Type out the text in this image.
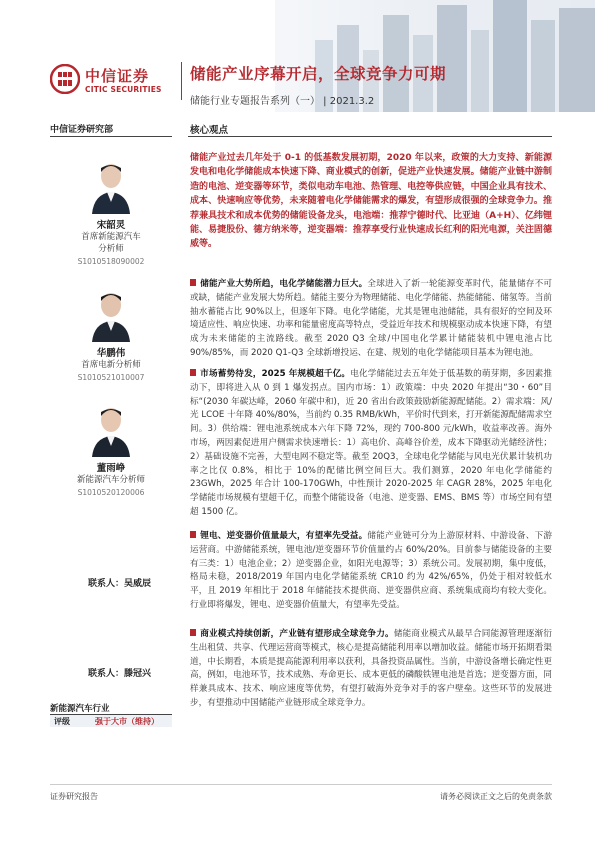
中信证券
CITIC SECURITIES
储能产业序幕开启，全球竞争力可期
储能行业专题报告系列（一） | 2021.3.2
中信证券研究部
宋韶灵
首席新能源汽车
分析师
S1010518090002
华鹏伟
首席电新分析师
S1010521010007
董雨峥
新能源汽车分析师
S1010520120006
联系人：吴威辰
联系人：滕冠兴
新能源汽车行业
评级	强于大市（维持）
核心观点
储能产业过去几年处于 0-1 的低基数发展初期，2020 年以来，政策的大力支持、新能源发电和电化学储能成本快速下降、商业模式的创新，促进产业快速发展。储能产业链中游制造的电池、逆变器等环节，类似电动车电池、热管理、电控等供应链，中国企业具有技术、成本、快速响应等优势，未来随着电化学储能需求的爆发，有望形成很强的全球竞争力。推荐兼具技术和成本优势的储能设备龙头，电池端：推荐宁德时代、比亚迪（A+H）、亿纬锂能、易捷股份、德方纳米等，逆变器端：推荐享受行业快速成长红利的阳光电源，关注固德威等。
储能产业大势所趋，电化学储能潜力巨大。全球进入了新一轮能源变革时代，能量储存不可或缺，储能产业发展大势所趋。储能主要分为物理储能、电化学储能、热能储能、储氢等。当前抽水蓄能占比 90%以上，但逐年下降。电化学储能，尤其是锂电池储能，具有很好的空间及环境适应性、响应快速、功率和能量密度高等特点，受益近年技术和规模驱动成本快速下降，有望成为未来储能的主流路线。截至 2020 Q3 全球/中国电化学累计储能装机中锂电池占比 90%/85%，而 2020 Q1-Q3 全球新增投运、在建、规划的电化学储能项目基本为锂电池。
市场蓄势待发，2025 年规模超千亿。电化学储能过去五年处于低基数的萌芽期，多因素推动下，即将进入从 0 到 1 爆发拐点。国内市场：1）政策端：中央 2020 年提出“30・60”目标“(2030 年碳达峰，2060 年碳中和)，近 20 省出台政策鼓励新能源配储能。2）需求端：风/光 LCOE 十年降 40%/80%，当前约 0.35 RMB/kWh，平价时代到来，打开新能源配储需求空间。3）供给端：锂电池系统成本六年下降 72%，现约 700-800 元/kWh，收益率改善。海外市场，两因素促进用户侧需求快速增长：1）高电价、高峰谷价差，成本下降驱动光储经济性；2）基础设施不完善，大型电网不稳定等。截至 20Q3，全球电化学储能与风电光伏累计装机功率之比仅 0.8%，相比于 10%的配储比例空间巨大。我们测算，2020 年电化学储能约 23GWh，2025 年合计 100-170GWh，中性预计 2020-2025 年 CAGR 28%，2025 年电化学储能市场规模有望超千亿，而整个储能设备（电池、逆变器、EMS、BMS 等）市场空间有望超 1500 亿。
锂电、逆变器价值量最大，有望率先受益。储能产业链可分为上游原材料、中游设备、下游运营商。中游储能系统，锂电池/逆变器环节价值量约占 60%/20%。目前参与储能设备的主要有三类：1）电池企业；2）逆变器企业，如阳光电源等；3）系统公司。发展初期，集中度低，格局未稳，2018/2019 年国内电化学储能系统 CR10 约为 42%/65%，仍处于相对较低水平，且 2019 年相比于 2018 年储能技术提供商、逆变器供应商、系统集成商均有较大变化。行业即将爆发，锂电、逆变器价值量大，有望率先受益。
商业模式持续创新，产业链有望形成全球竞争力。储能商业模式从最早合同能源管理逐渐衍生出租赁、共享、代理运营商等模式，核心是提高储能利用率以增加收益。储能市场开拓期看渠道，中长期看，本质是提高能源利用率以获利，具备投资品属性。当前，中游设备增长确定性更高，例如，电池环节，技术成熟、寿命更长、成本更低的磷酸铁锂电池是首选；逆变器方面，同样兼具成本、技术、响应速度等优势，有望打破海外竞争对手的客户壁垒。这些环节的发展进步，有望推动中国储能产业链形成全球竞争力。
证券研究报告	请务必阅读正文之后的免责条款
